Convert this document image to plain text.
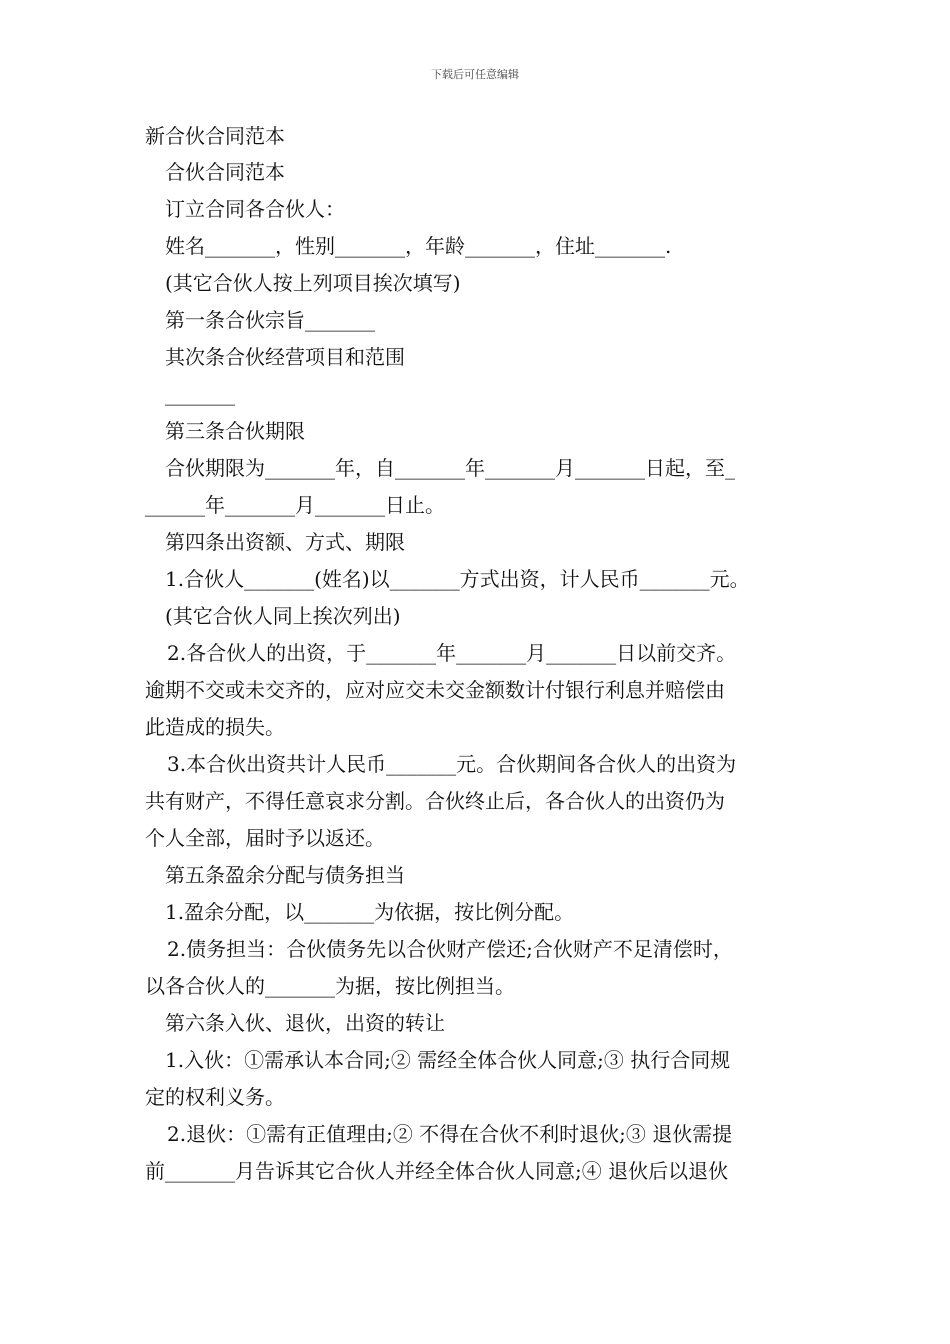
下载后可任意编辑
新合伙合同范本
合伙合同范本
订立合同各合伙人：
姓名_______，性别_______，年龄_______，住址_______.
(其它合伙人按上列项目挨次填写)
第一条合伙宗旨_______
其次条合伙经营项目和范围
_______
第三条合伙期限
合伙期限为_______年，自_______年_______月_______日起，至_
______年_______月_______日止。
第四条出资额、方式、期限
1.合伙人_______(姓名)以_______方式出资，计人民币_______元。
(其它合伙人同上挨次列出)
2.各合伙人的出资，于_______年_______月_______日以前交齐。
逾期不交或未交齐的，应对应交未交金额数计付银行利息并赔偿由
此造成的损失。
3.本合伙出资共计人民币_______元。合伙期间各合伙人的出资为
共有财产，不得任意哀求分割。合伙终止后，各合伙人的出资仍为
个人全部，届时予以返还。
第五条盈余分配与债务担当
1.盈余分配，以_______为依据，按比例分配。
2.债务担当：合伙债务先以合伙财产偿还;合伙财产不足清偿时，
以各合伙人的_______为据，按比例担当。
第六条入伙、退伙，出资的转让
1.入伙：①需承认本合同;② 需经全体合伙人同意;③ 执行合同规
定的权利义务。
2.退伙：①需有正值理由;② 不得在合伙不利时退伙;③ 退伙需提
前_______月告诉其它合伙人并经全体合伙人同意;④ 退伙后以退伙
